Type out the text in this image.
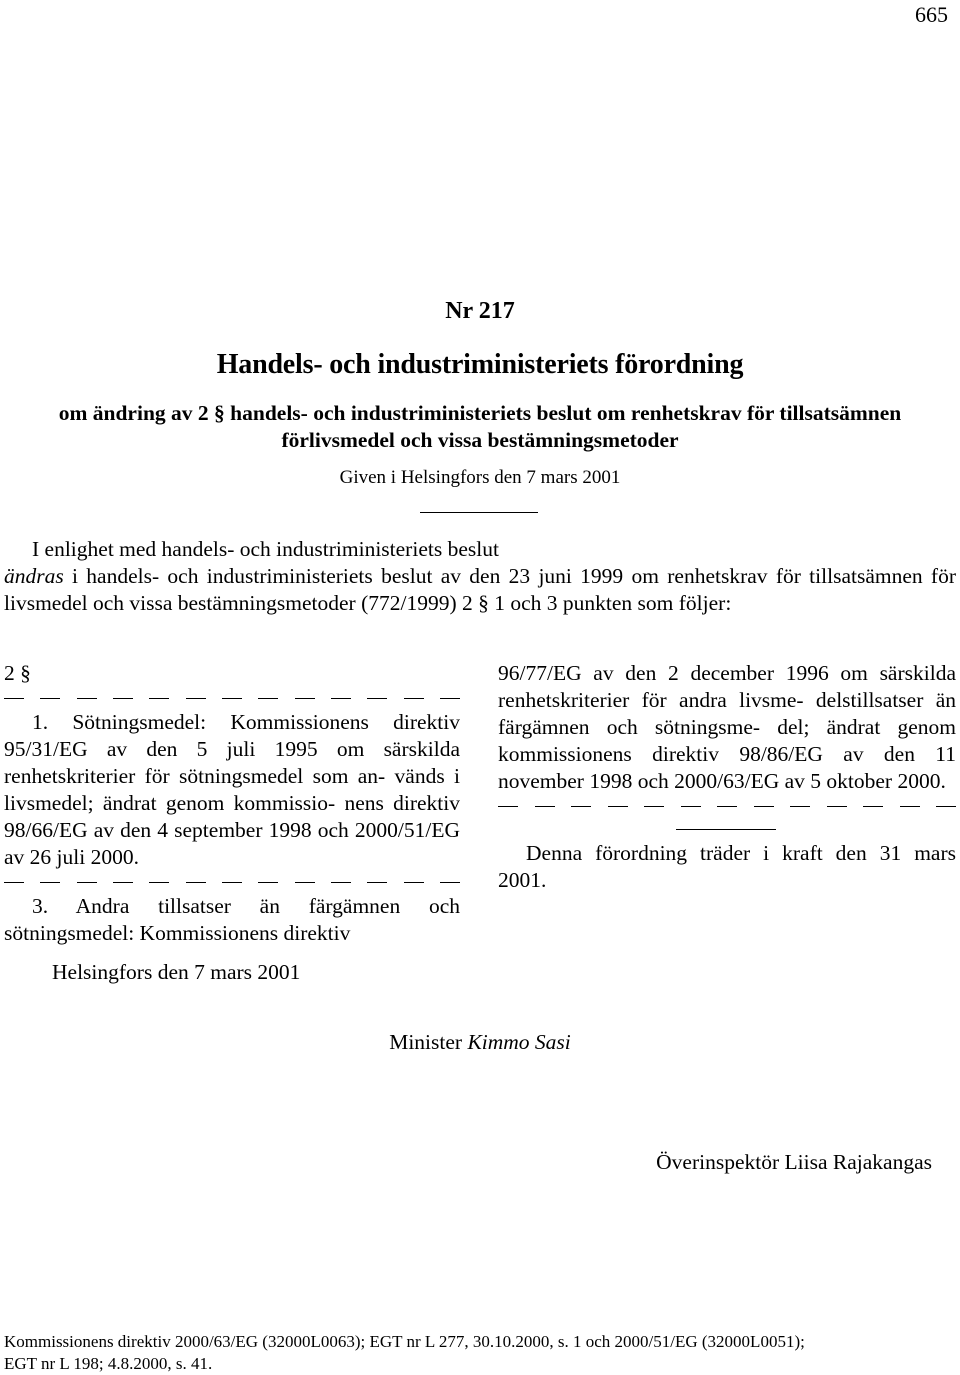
665
Nr 217
Handels- och industriministeriets förordning
om ändring av 2 § handels- och industriministeriets beslut om renhetskrav för tillsatsämnen
förlivsmedel och vissa bestämningsmetoder
Given i Helsingfors den 7 mars 2001

I enlighet med handels- och industriministeriets beslut

ändras i handels- och industriministeriets beslut av den 23 juni 1999 om renhetskrav för tillsatsämnen för livsmedel och vissa bestämningsmetoder (772/1999) 2 § 1 och 3 punkten som följer:

2 §

1. Sötningsmedel: Kommissionens direktiv 95/31/EG av den 5 juli 1995 om särskilda renhetskriterier för sötningsmedel som an- vänds i livsmedel; ändrat genom kommissio- nens direktiv 98/66/EG av den 4 september 1998 och 2000/51/EG av 26 juli 2000.

3. Andra tillsatser än färgämnen och sötningsmedel: Kommissionens direktiv

96/77/EG av den 2 december 1996 om särskilda renhetskriterier för andra livsme- delstillsatser än färgämnen och sötningsme- del; ändrat genom kommissionens direktiv 98/86/EG av den 11 november 1998 och 2000/63/EG av 5 oktober 2000.

Denna förordning träder i kraft den 31 mars 2001.

Helsingfors den 7 mars 2001
Minister Kimmo Sasi
Överinspektör Liisa Rajakangas

Kommissionens direktiv 2000/63/EG (32000L0063); EGT nr L 277, 30.10.2000, s. 1 och 2000/51/EG (32000L0051);

EGT nr L 198; 4.8.2000, s. 41.
